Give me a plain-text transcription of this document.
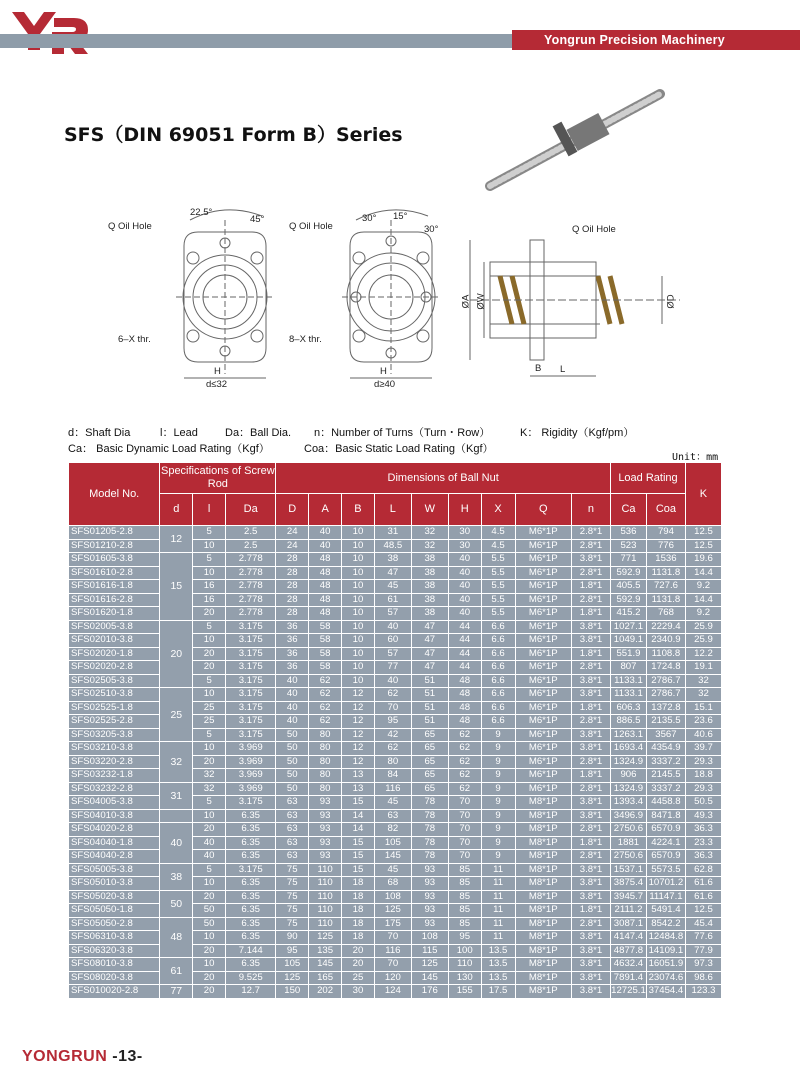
Yongrun Precision Machinery
SFS（DIN 69051 Form B）Series
Q Oil Hole
22.5°
45°
6–X thr.
H
d≤32
Q Oil Hole
30° 15°
30°
8–X thr.
H
d≥40
Q Oil Hole
ØA ØW	ØD
B L
d：Shaft Dia	l：Lead Da：Ball Dia. n：Number of Turns（Turn・Row）	K： Rigidity（Kgf/pm）
Ca： Basic Dynamic Load Rating（Kgf）	Coa：Basic Static Load Rating（Kgf）
Unit：mm
Model No.	Specifications of Screw Rod			Dimensions of Ball Nut									Load Rating		K
	d	l	Da	D	A	B	L	W	H	X	Q	n	Ca	Coa	
SFS01205-2.8	12	5	2.5	24	40	10	31	32	30	4.5	M6*1P	2.8*1	536	794	12.5
SFS01210-2.8		10	2.5	24	40	10	48.5	32	30	4.5	M6*1P	2.8*1	523	776	12.5
SFS01605-3.8	15	5	2.778	28	48	10	38	38	40	5.5	M6*1P	3.8*1	771	1536	19.6
SFS01610-2.8		10	2.778	28	48	10	47	38	40	5.5	M6*1P	2.8*1	592.9	1131.8	14.4
SFS01616-1.8		16	2.778	28	48	10	45	38	40	5.5	M6*1P	1.8*1	405.5	727.6	9.2
SFS01616-2.8		16	2.778	28	48	10	61	38	40	5.5	M6*1P	2.8*1	592.9	1131.8	14.4
SFS01620-1.8		20	2.778	28	48	10	57	38	40	5.5	M6*1P	1.8*1	415.2	768	9.2
SFS02005-3.8	20	5	3.175	36	58	10	40	47	44	6.6	M6*1P	3.8*1	1027.1	2229.4	25.9
SFS02010-3.8		10	3.175	36	58	10	60	47	44	6.6	M6*1P	3.8*1	1049.1	2340.9	25.9
SFS02020-1.8		20	3.175	36	58	10	57	47	44	6.6	M6*1P	1.8*1	551.9	1108.8	12.2
SFS02020-2.8		20	3.175	36	58	10	77	47	44	6.6	M6*1P	2.8*1	807	1724.8	19.1
SFS02505-3.8		5	3.175	40	62	10	40	51	48	6.6	M6*1P	3.8*1	1133.1	2786.7	32
SFS02510-3.8	25	10	3.175	40	62	12	62	51	48	6.6	M6*1P	3.8*1	1133.1	2786.7	32
SFS02525-1.8		25	3.175	40	62	12	70	51	48	6.6	M6*1P	1.8*1	606.3	1372.8	15.1
SFS02525-2.8		25	3.175	40	62	12	95	51	48	6.6	M6*1P	2.8*1	886.5	2135.5	23.6
SFS03205-3.8		5	3.175	50	80	12	42	65	62	9	M6*1P	3.8*1	1263.1	3567	40.6
SFS03210-3.8	32	10	3.969	50	80	12	62	65	62	9	M6*1P	3.8*1	1693.4	4354.9	39.7
SFS03220-2.8		20	3.969	50	80	12	80	65	62	9	M6*1P	2.8*1	1324.9	3337.2	29.3
SFS03232-1.8		32	3.969	50	80	13	84	65	62	9	M6*1P	1.8*1	906	2145.5	18.8
SFS03232-2.8	31	32	3.969	50	80	13	116	65	62	9	M6*1P	2.8*1	1324.9	3337.2	29.3
SFS04005-3.8		5	3.175	63	93	15	45	78	70	9	M8*1P	3.8*1	1393.4	4458.8	50.5
SFS04010-3.8		10	6.35	63	93	14	63	78	70	9	M8*1P	3.8*1	3496.9	8471.8	49.3
SFS04020-2.8	40	20	6.35	63	93	14	82	78	70	9	M8*1P	2.8*1	2750.6	6570.9	36.3
SFS04040-1.8		40	6.35	63	93	15	105	78	70	9	M8*1P	1.8*1	1881	4224.1	23.3
SFS04040-2.8		40	6.35	63	93	15	145	78	70	9	M8*1P	2.8*1	2750.6	6570.9	36.3
SFS05005-3.8	38	5	3.175	75	110	15	45	93	85	11	M8*1P	3.8*1	1537.1	5573.5	62.8
SFS05010-3.8		10	6.35	75	110	18	68	93	85	11	M8*1P	3.8*1	3875.4	10701.2	61.6
SFS05020-3.8	50	20	6.35	75	110	18	108	93	85	11	M8*1P	3.8*1	3945.7	11147.1	61.6
SFS05050-1.8		50	6.35	75	110	18	125	93	85	11	M8*1P	1.8*1	2111.2	5491.4	12.5
SFS05050-2.8	48	50	6.35	75	110	18	175	93	85	11	M8*1P	2.8*1	3087.1	8542.2	45.4
SFS06310-3.8		10	6.35	90	125	18	70	108	95	11	M8*1P	3.8*1	4147.4	12484.8	77.6
SFS06320-3.8		20	7.144	95	135	20	116	115	100	13.5	M8*1P	3.8*1	4877.8	14109.1	77.9
SFS08010-3.8	61	10	6.35	105	145	20	70	125	110	13.5	M8*1P	3.8*1	4632.4	16051.9	97.3
SFS08020-3.8		20	9.525	125	165	25	120	145	130	13.5	M8*1P	3.8*1	7891.4	23074.6	98.6
SFS010020-2.8	77	20	12.7	150	202	30	124	176	155	17.5	M8*1P	3.8*1	12725.1	37454.4	123.3
YONGRUN -13-
